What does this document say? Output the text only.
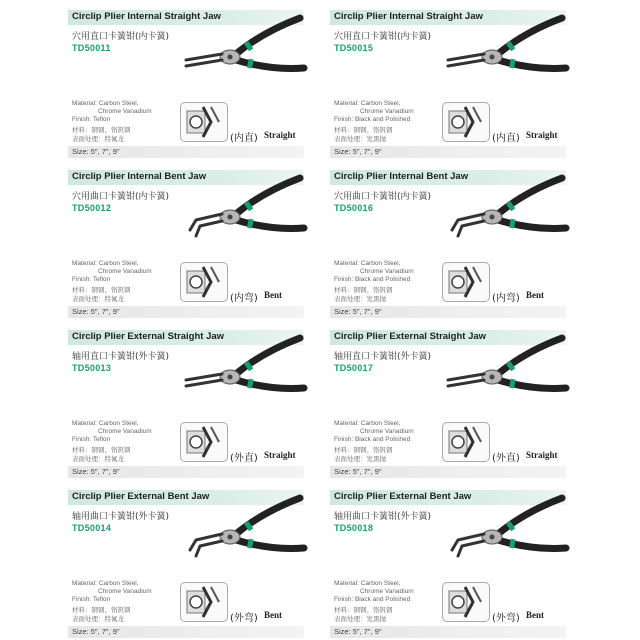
Circlip Plier Internal Straight Jaw
穴用直口卡簧钳(内卡簧)
TD50011
Material: Carbon Steel,
Chrome Vanadium
Finish: Teflon
材料：钢钢、铬钒钢
表面处理：特氟龙	(内直) Straight
Size: 5", 7", 9"
Circlip Plier Internal Straight Jaw
穴用直口卡簧钳(内卡簧)
TD50015
Material: Carbon Steel,
Chrome Vanadium
Finish: Black and Polished
材料：钢钢、铬钒钢
表面处理：发黑抛	(内直) Straight
Size: 5", 7", 9"
Circlip Plier Internal Bent Jaw
穴用曲口卡簧钳(内卡簧)
TD50012
Material: Carbon Steel,
Chrome Vanadium
Finish: Teflon
材料：钢钢、铬钒钢
表面处理：特氟龙	(内弯) Bent
Size: 5", 7", 9"
Circlip Plier Internal Bent Jaw
穴用曲口卡簧钳(内卡簧)
TD50016
Material: Carbon Steel,
Chrome Vanadium
Finish: Black and Polished
材料：钢钢、铬钒钢
表面处理：发黑抛	(内弯) Bent
Size: 5", 7", 9"
Circlip Plier External Straight Jaw
轴用直口卡簧钳(外卡簧)
TD50013
Material: Carbon Steel,
Chrome Vanadium
Finish: Teflon
材料：钢钢、铬钒钢
表面处理：特氟龙	(外直) Straight
Size: 5", 7", 9"
Circlip Plier External Straight Jaw
轴用直口卡簧钳(外卡簧)
TD50017
Material: Carbon Steel,
Chrome Vanadium
Finish: Black and Polished
材料：钢钢、铬钒钢
表面处理：发黑抛	(外直) Straight
Size: 5", 7", 9"
Circlip Plier External Bent Jaw
轴用曲口卡簧钳(外卡簧)
TD50014
Material: Carbon Steel,
Chrome Vanadium
Finish: Teflon
材料：钢钢、铬钒钢
表面处理：特氟龙	(外弯) Bent
Size: 5", 7", 9"
Circlip Plier External Bent Jaw
轴用曲口卡簧钳(外卡簧)
TD50018
Material: Carbon Steel,
Chrome Vanadium
Finish: Black and Polished
材料：钢钢、铬钒钢
表面处理：发黑抛	(外弯) Bent
Size: 5", 7", 9"
